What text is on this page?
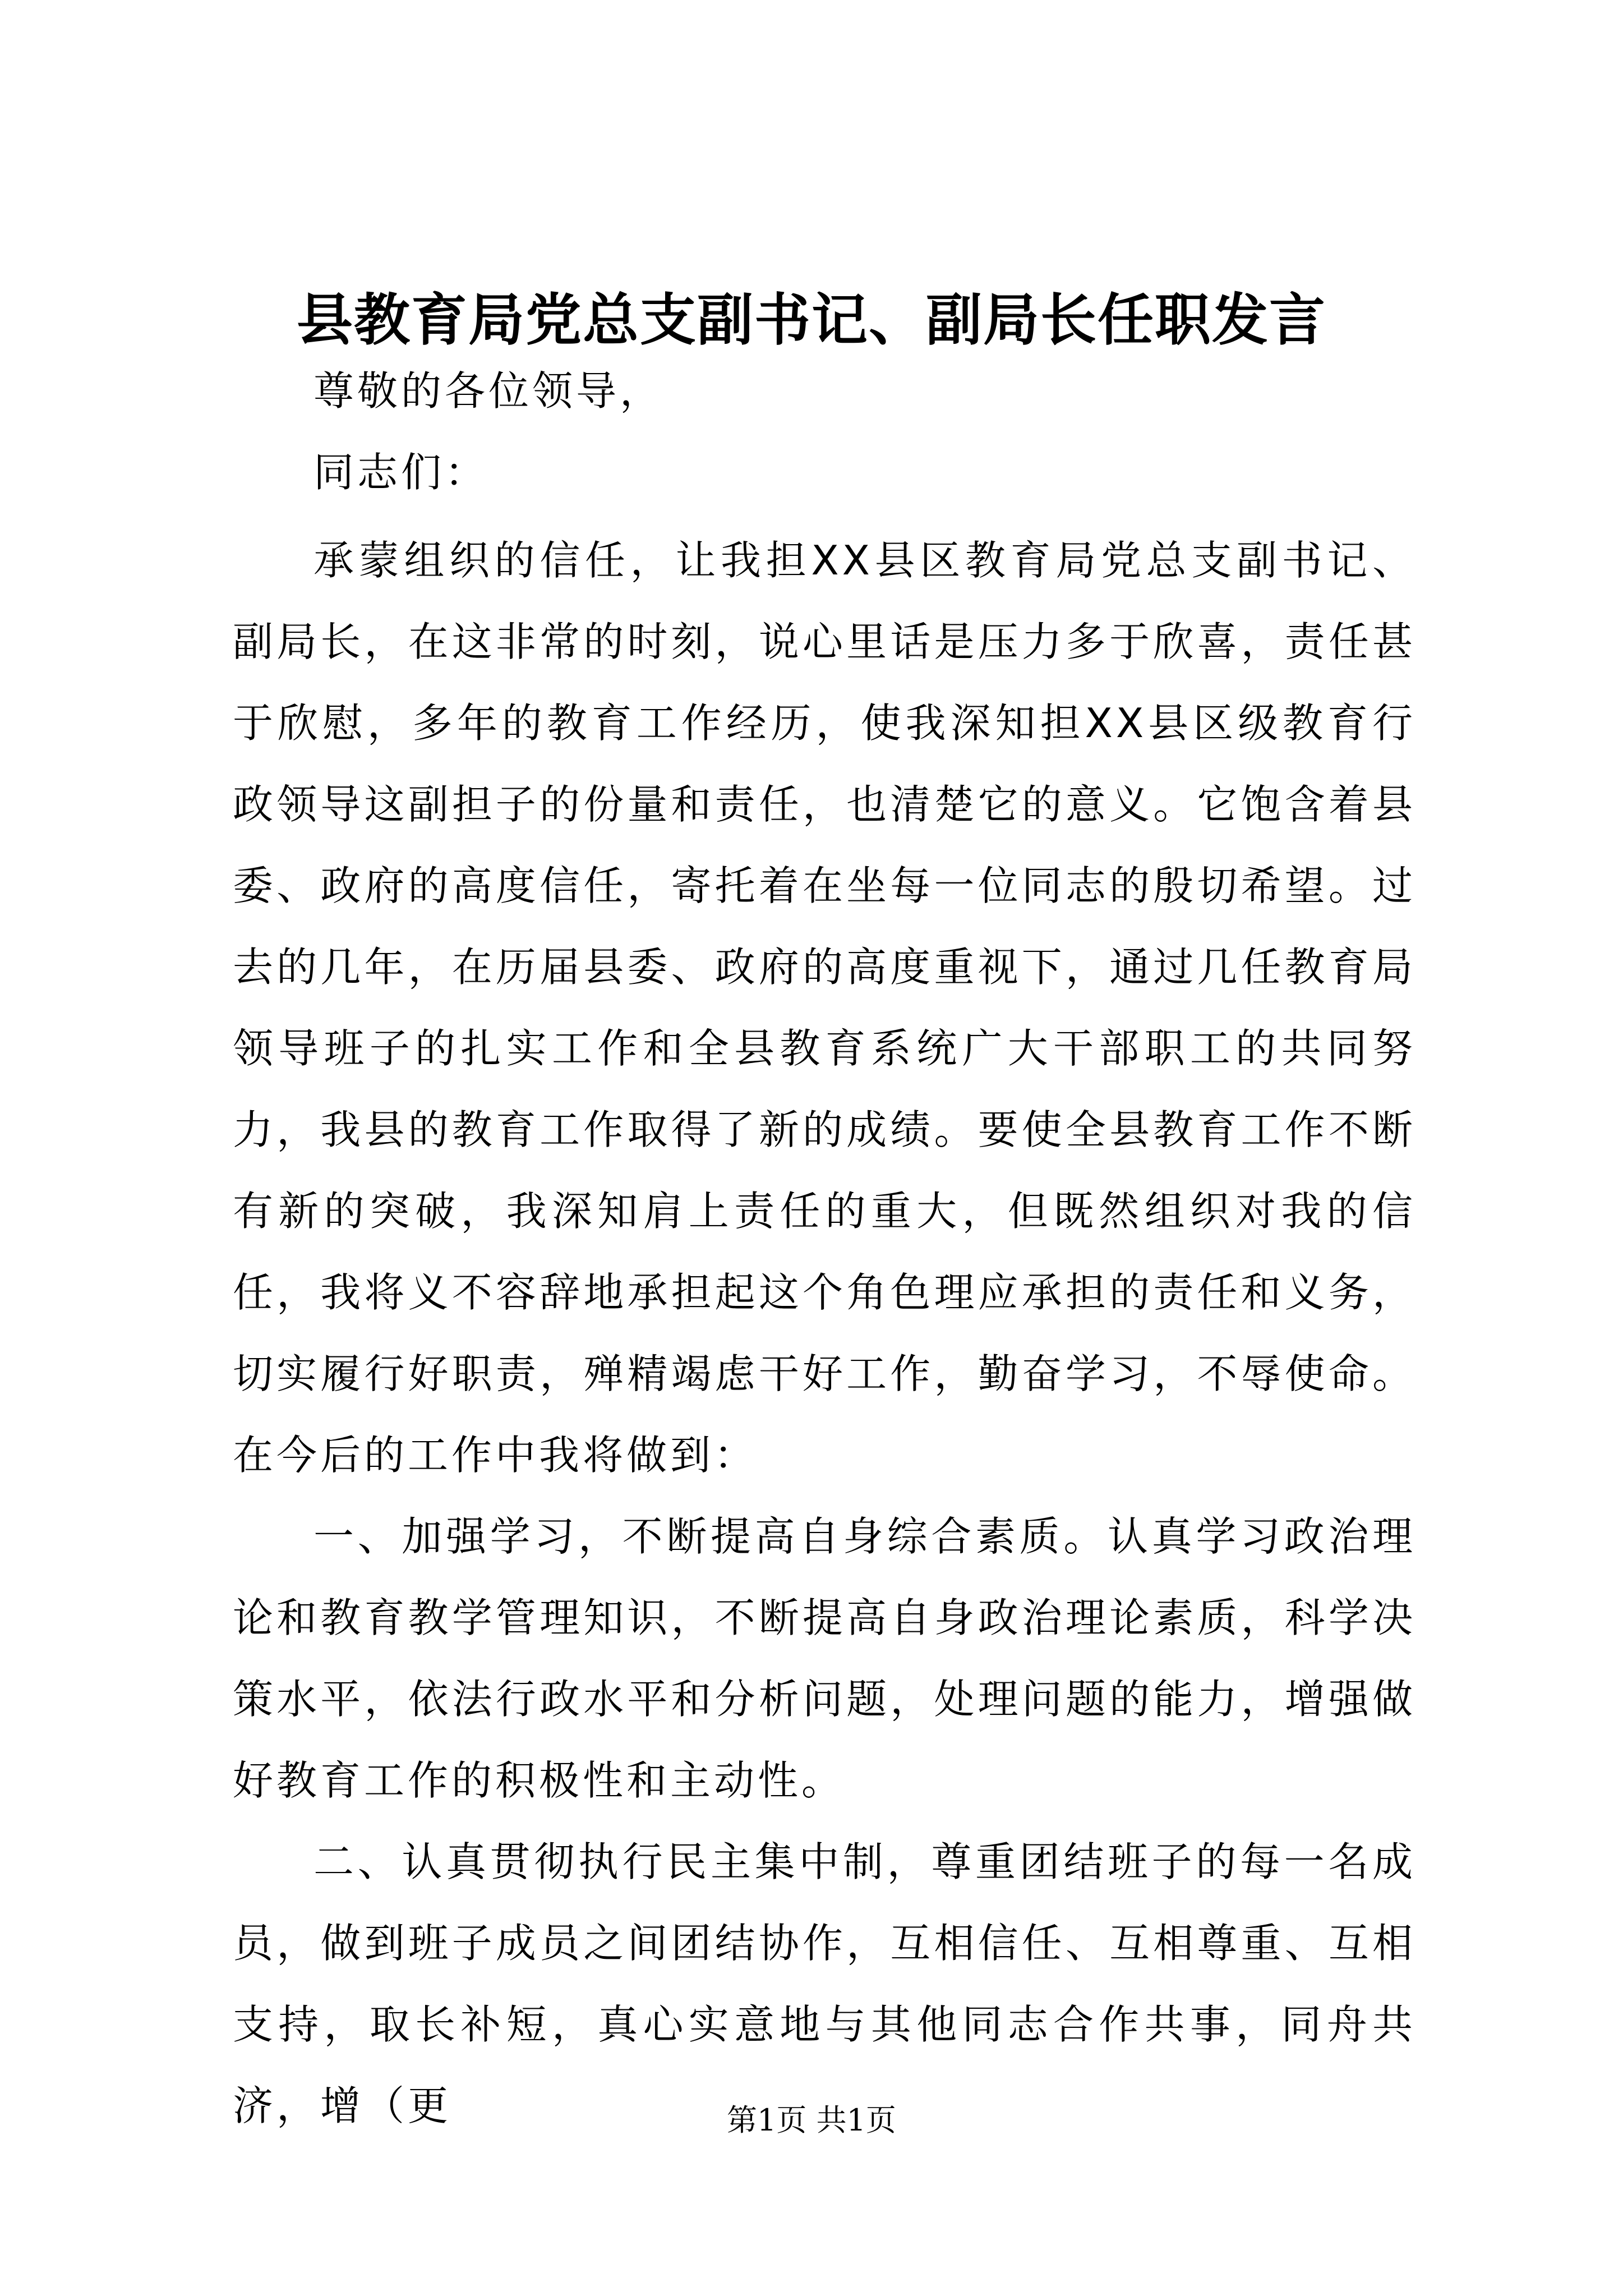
县教育局党总支副书记、副局长任职发言

尊敬的各位领导，

同志们：

承蒙组织的信任，让我担XX县区教育局党总支副书记、副局长，在这非常的时刻，说心里话是压力多于欣喜，责任甚于欣慰，多年的教育工作经历，使我深知担XX县区级教育行政领导这副担子的份量和责任，也清楚它的意义。它饱含着县委、政府的高度信任，寄托着在坐每一位同志的殷切希望。过去的几年，在历届县委、政府的高度重视下，通过几任教育局领导班子的扎实工作和全县教育系统广大干部职工的共同努力，我县的教育工作取得了新的成绩。要使全县教育工作不断有新的突破，我深知肩上责任的重大，但既然组织对我的信任，我将义不容辞地承担起这个角色理应承担的责任和义务，切实履行好职责，殚精竭虑干好工作，勤奋学习，不辱使命。在今后的工作中我将做到：

一、加强学习，不断提高自身综合素质。认真学习政治理论和教育教学管理知识，不断提高自身政治理论素质，科学决策水平，依法行政水平和分析问题，处理问题的能力，增强做好教育工作的积极性和主动性。

二、认真贯彻执行民主集中制，尊重团结班子的每一名成员，做到班子成员之间团结协作，互相信任、互相尊重、互相支持，取长补短，真心实意地与其他同志合作共事，同舟共济，增（更	第1页 共1页
